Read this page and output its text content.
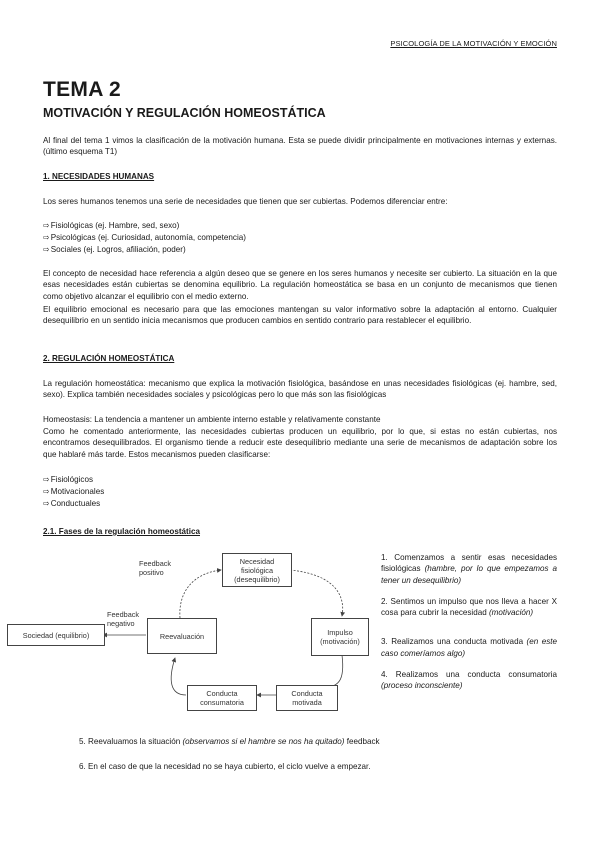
PSICOLOGÍA DE LA MOTIVACIÓN Y EMOCIÓN
TEMA 2
MOTIVACIÓN Y REGULACIÓN HOMEOSTÁTICA
Al final del tema 1 vimos la clasificación de la motivación humana. Esta se puede dividir principalmente en motivaciones internas y externas. (último esquema T1)
1. NECESIDADES HUMANAS
Los seres humanos tenemos una serie de necesidades que tienen que ser cubiertas. Podemos diferenciar entre:
⇨Fisiológicas (ej. Hambre, sed, sexo)
⇨Psicológicas (ej. Curiosidad, autonomía, competencia)
⇨Sociales (ej. Logros, afiliación, poder)
El concepto de necesidad hace referencia a algún deseo que se genere en los seres humanos y necesite ser cubierto. La situación en la que esas necesidades están cubiertas se denomina equilibrio. La regulación homeostática se basa en un conjunto de mecanismos que tienen como objetivo alcanzar el equilibrio con el medio externo.
El equilibrio emocional es necesario para que las emociones mantengan su valor informativo sobre la adaptación al entorno. Cualquier desequilibrio en un sentido inicia mecanismos que producen cambios en sentido contrario para restablecer el equilibrio.
2. REGULACIÓN HOMEOSTÁTICA
La regulación homeostática: mecanismo que explica la motivación fisiológica, basándose en unas necesidades fisiológicas (ej. hambre, sed, sexo). Explica también necesidades sociales y psicológicas pero lo que más son las fisiológicas
Homeostasis: La tendencia a mantener un ambiente interno estable y relativamente constante
Como he comentado anteriormente, las necesidades cubiertas producen un equilibrio, por lo que, si estas no están cubiertas, nos encontramos desequilibrados. El organismo tiende a reducir este desequilibrio mediante una serie de mecanismos de adaptación sobre los que hablaré más tarde. Estos mecanismos pueden clasificarse:
⇨Fisiológicos
⇨Motivacionales
⇨Conductuales
2.1. Fases de la regulación homeostática
Necesidad fisiológica (desequilibrio)
Impulso (motivación)
Conducta motivada
Conducta consumatoria
Reevaluación
Sociedad (equilibrio)
Feedback positivo
Feedback negativo

1. Comenzamos a sentir esas necesidades fisiológicas (hambre, por lo que empezamos a tener un desequilibrio)

2. Sentimos un impulso que nos lleva a hacer X cosa para cubrir la necesidad (motivación)

3. Realizamos una conducta motivada (en este caso comeríamos algo)

4. Realizamos una conducta consumatoria (proceso inconsciente)

5. Reevaluamos la situación (observamos si el hambre se nos ha quitado) feedback
6. En el caso de que la necesidad no se haya cubierto, el ciclo vuelve a empezar.
